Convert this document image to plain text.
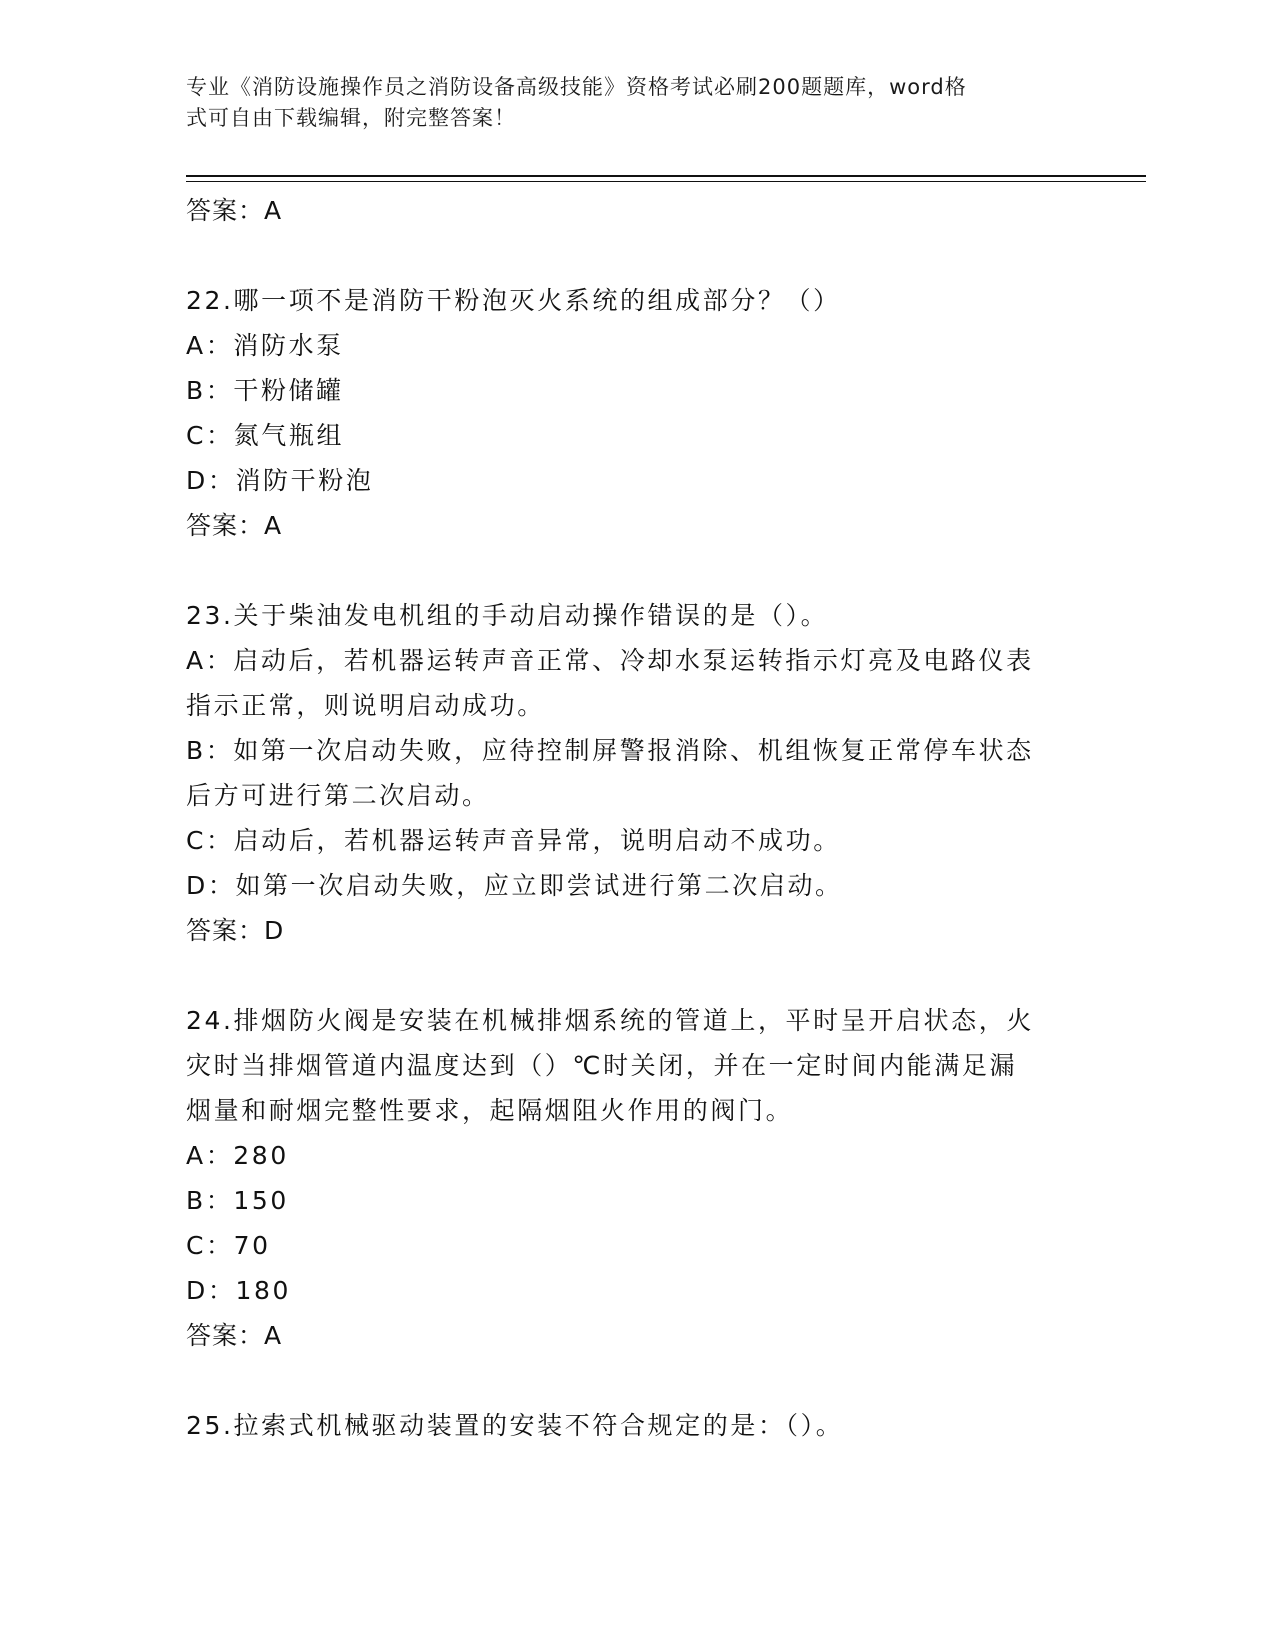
专业《消防设施操作员之消防设备高级技能》资格考试必刷200题题库，word格
式可自由下载编辑，附完整答案！
答案：A
22.哪一项不是消防干粉泡灭火系统的组成部分？（）
A：消防水泵
B：干粉储罐
C：氮气瓶组
D：消防干粉泡
答案：A
23.关于柴油发电机组的手动启动操作错误的是（）。
A：启动后，若机器运转声音正常、冷却水泵运转指示灯亮及电路仪表
指示正常，则说明启动成功。
B：如第一次启动失败，应待控制屏警报消除、机组恢复正常停车状态
后方可进行第二次启动。
C：启动后，若机器运转声音异常，说明启动不成功。
D：如第一次启动失败，应立即尝试进行第二次启动。
答案：D
24.排烟防火阀是安装在机械排烟系统的管道上，平时呈开启状态，火
灾时当排烟管道内温度达到（）℃时关闭，并在一定时间内能满足漏
烟量和耐烟完整性要求，起隔烟阻火作用的阀门。
A：280
B：150
C：70
D：180
答案：A
25.拉索式机械驱动装置的安装不符合规定的是：（）。
